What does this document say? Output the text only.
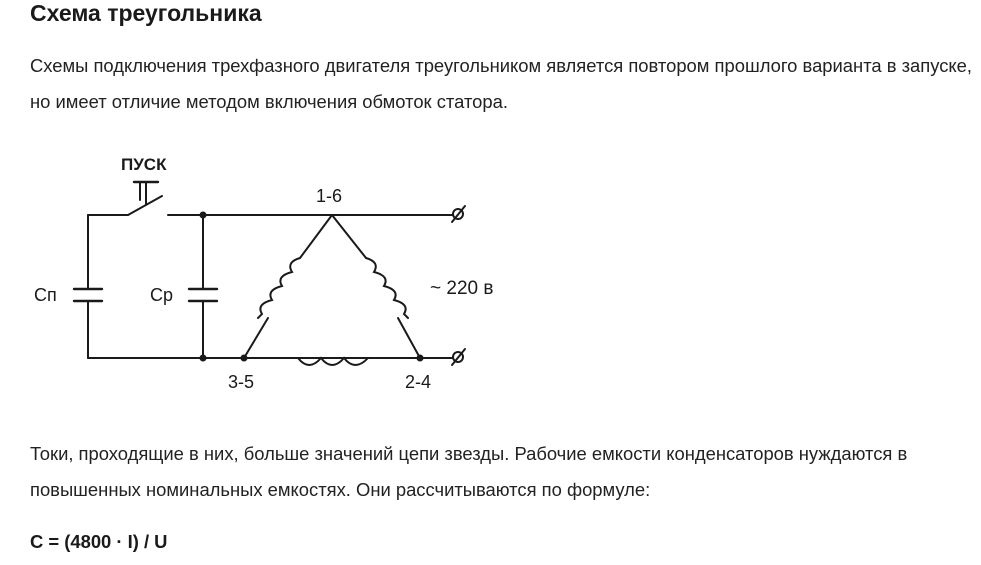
Схема треугольника

Схемы подключения трехфазного двигателя треугольником является повтором прошлого варианта в запуске, но имеет отличие методом включения обмоток статора.

ПУСК
Cп	Cр
1-6
3-5	2-4
~ 220 в

Токи, проходящие в них, больше значений цепи звезды. Рабочие емкости конденсаторов нуждаются в повышенных номинальных емкостях. Они рассчитываются по формуле:

C = (4800 · I) / U
